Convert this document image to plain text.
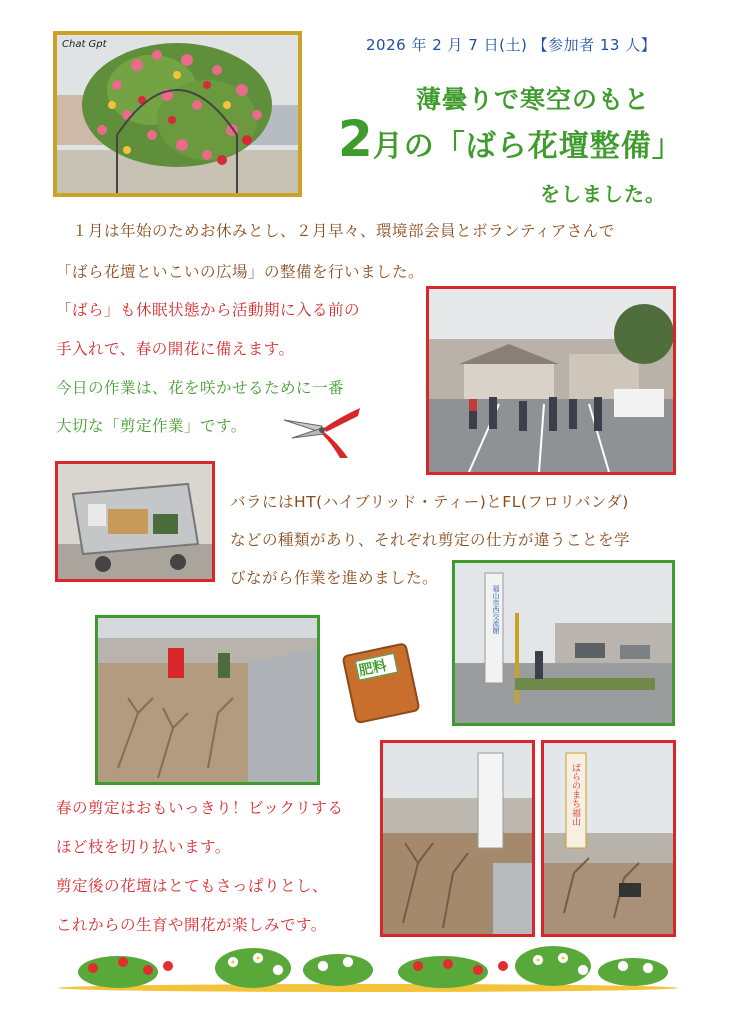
Chat Gpt	2026 年 2 月 7 日(土) 【参加者 13 人】
薄曇りで寒空のもと
2月の「ばら花壇整備」
をしました。
１月は年始のためお休みとし、２月早々、環境部会員とボランティアさんで
「ばら花壇といこいの広場」の整備を行いました。
「ばら」も休眠状態から活動期に入る前の
手入れで、春の開花に備えます。
今日の作業は、花を咲かせるために一番
大切な「剪定作業」です。
バラにはHT(ハイブリッド・ティー)とFL(フロリバンダ)
などの種類があり、それぞれ剪定の仕方が違うことを学
びながら作業を進めました。
福山市西交流館
肥料
ばらのまち福山
春の剪定はおもいっきり！ビックリする
ほど枝を切り払います。
剪定後の花壇はとてもさっぱりとし、
これからの生育や開花が楽しみです。
